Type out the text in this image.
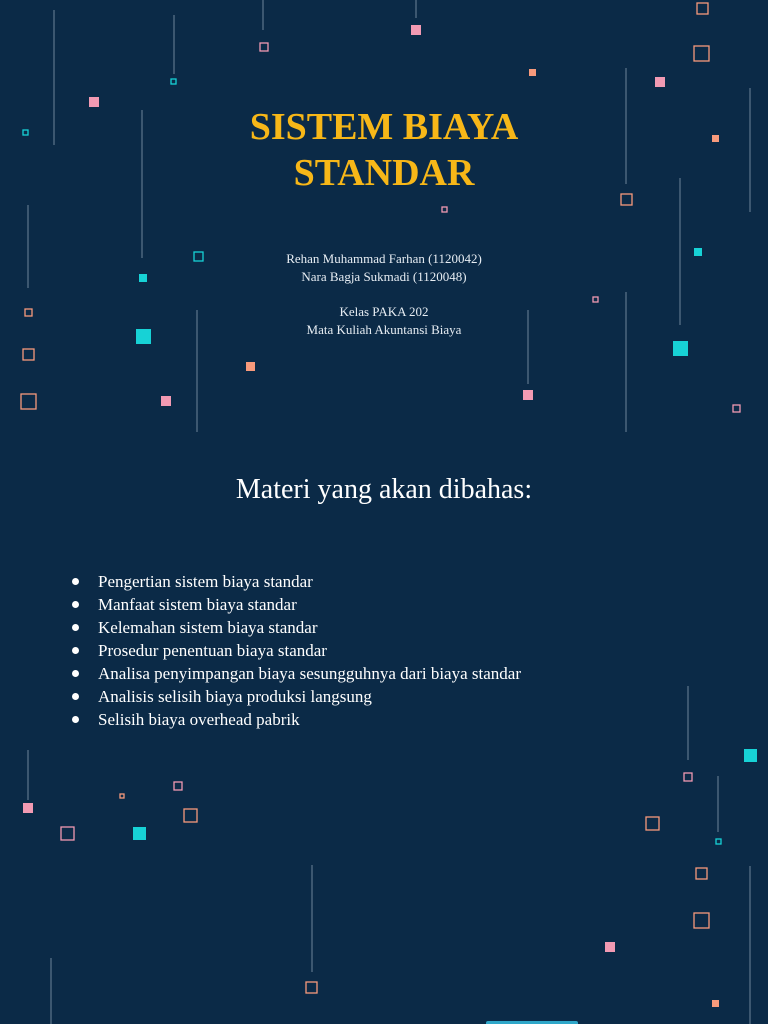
SISTEM BIAYA
STANDAR
Rehan Muhammad Farhan (1120042)
Nara Bagja Sukmadi (1120048)
Kelas PAKA 202
Mata Kuliah Akuntansi Biaya
Materi yang akan dibahas:
Pengertian sistem biaya standar
Manfaat sistem biaya standar
Kelemahan sistem biaya standar
Prosedur penentuan biaya standar
Analisa penyimpangan biaya sesungguhnya dari biaya standar
Analisis selisih biaya produksi langsung
Selisih biaya overhead pabrik
